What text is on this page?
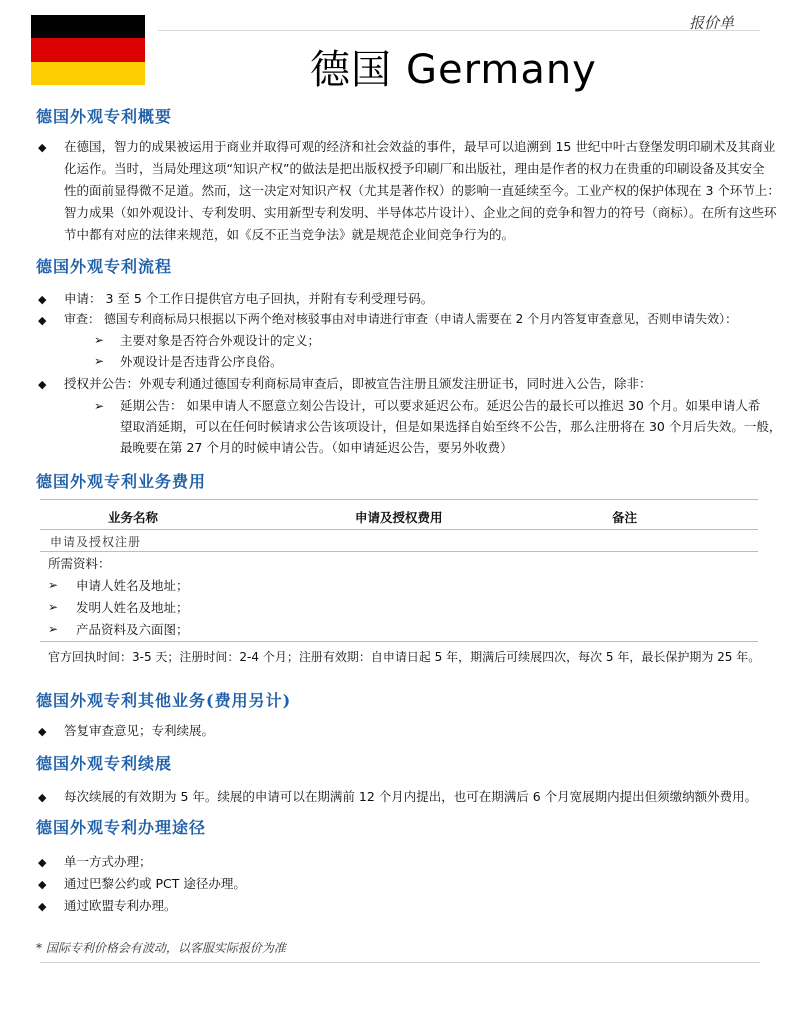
报价单
德国 Germany
德国外观专利概要
◆ 在德国，智力的成果被运用于商业并取得可观的经济和社会效益的事件，最早可以追溯到 15 世纪中叶古登堡发明印刷术及其商业

化运作。当时，当局处理这项“知识产权”的做法是把出版权授予印刷厂和出版社，理由是作者的权力在贵重的印刷设备及其安全

性的面前显得微不足道。然而，这一决定对知识产权（尤其是著作权）的影响一直延续至今。工业产权的保护体现在 3 个环节上：

智力成果（如外观设计、专利发明、实用新型专利发明、半导体芯片设计）、企业之间的竞争和智力的符号（商标）。在所有这些环

节中都有对应的法律来规范，如《反不正当竞争法》就是规范企业间竞争行为的。

德国外观专利流程
◆ 申请： 3 至 5 个工作日提供官方电子回执，并附有专利受理号码。

◆ 审查： 德国专利商标局只根据以下两个绝对核驳事由对申请进行审查（申请人需要在 2 个月内答复审查意见，否则申请失效）：

➢ 主要对象是否符合外观设计的定义；

➢ 外观设计是否违背公序良俗。

◆ 授权并公告：外观专利通过德国专利商标局审查后，即被宣告注册且颁发注册证书，同时进入公告，除非：

➢ 延期公告： 如果申请人不愿意立刻公告设计，可以要求延迟公布。延迟公告的最长可以推迟 30 个月。如果申请人希

望取消延期，可以在任何时候请求公告该项设计，但是如果选择自始至终不公告，那么注册将在 30 个月后失效。一般，

最晚要在第 27 个月的时候申请公告。（如申请延迟公告，要另外收费）

德国外观专利业务费用
业务名称	申请及授权费用	备注
申请及授权注册

所需资料：

➢ 申请人姓名及地址；

➢ 发明人姓名及地址；

➢ 产品资料及六面图；

官方回执时间：3-5 天；注册时间：2-4 个月；注册有效期：自申请日起 5 年，期满后可续展四次，每次 5 年，最长保护期为 25 年。

德国外观专利其他业务(费用另计)
◆ 答复审查意见；专利续展。

德国外观专利续展
◆ 每次续展的有效期为 5 年。续展的申请可以在期满前 12 个月内提出，也可在期满后 6 个月宽展期内提出但须缴纳额外费用。

德国外观专利办理途径
◆ 单一方式办理；

◆ 通过巴黎公约或 PCT 途径办理。

◆ 通过欧盟专利办理。

* 国际专利价格会有波动，以客服实际报价为准
